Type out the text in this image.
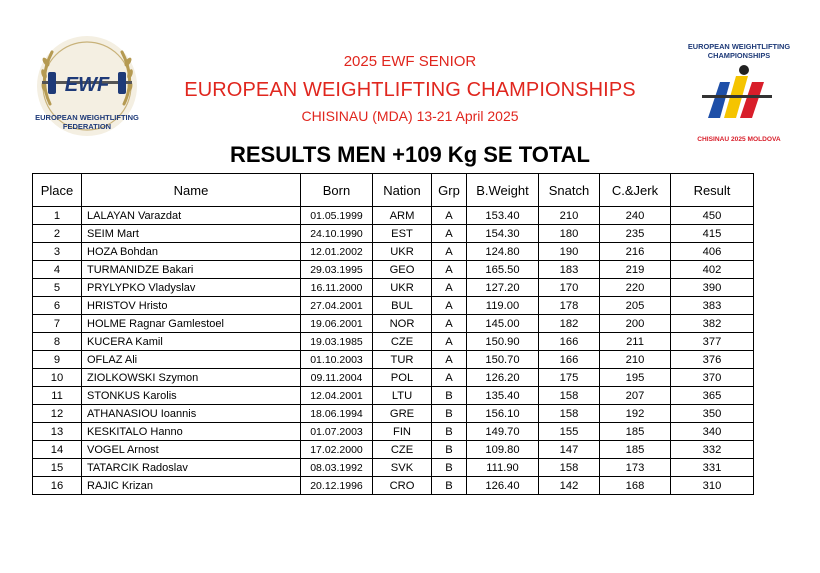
EWF
EUROPEAN WEIGHTLIFTING
FEDERATION
2025 EWF SENIOR
EUROPEAN WEIGHTLIFTING CHAMPIONSHIPS
CHISINAU (MDA) 13-21 April 2025
EUROPEAN WEIGHTLIFTING
CHAMPIONSHIPS
CHISINAU 2025 MOLDOVA
RESULTS MEN +109 Kg SE TOTAL
Place	Name	Born	Nation	Grp	B.Weight	Snatch	C.&Jerk	Result
1	LALAYAN Varazdat	01.05.1999	ARM	A	153.40	210	240	450
2	SEIM Mart	24.10.1990	EST	A	154.30	180	235	415
3	HOZA Bohdan	12.01.2002	UKR	A	124.80	190	216	406
4	TURMANIDZE Bakari	29.03.1995	GEO	A	165.50	183	219	402
5	PRYLYPKO Vladyslav	16.11.2000	UKR	A	127.20	170	220	390
6	HRISTOV Hristo	27.04.2001	BUL	A	119.00	178	205	383
7	HOLME Ragnar Gamlestoel	19.06.2001	NOR	A	145.00	182	200	382
8	KUCERA Kamil	19.03.1985	CZE	A	150.90	166	211	377
9	OFLAZ Ali	01.10.2003	TUR	A	150.70	166	210	376
10	ZIOLKOWSKI Szymon	09.11.2004	POL	A	126.20	175	195	370
11	STONKUS Karolis	12.04.2001	LTU	B	135.40	158	207	365
12	ATHANASIOU Ioannis	18.06.1994	GRE	B	156.10	158	192	350
13	KESKITALO Hanno	01.07.2003	FIN	B	149.70	155	185	340
14	VOGEL Arnost	17.02.2000	CZE	B	109.80	147	185	332
15	TATARCIK Radoslav	08.03.1992	SVK	B	111.90	158	173	331
16	RAJIC Krizan	20.12.1996	CRO	B	126.40	142	168	310
